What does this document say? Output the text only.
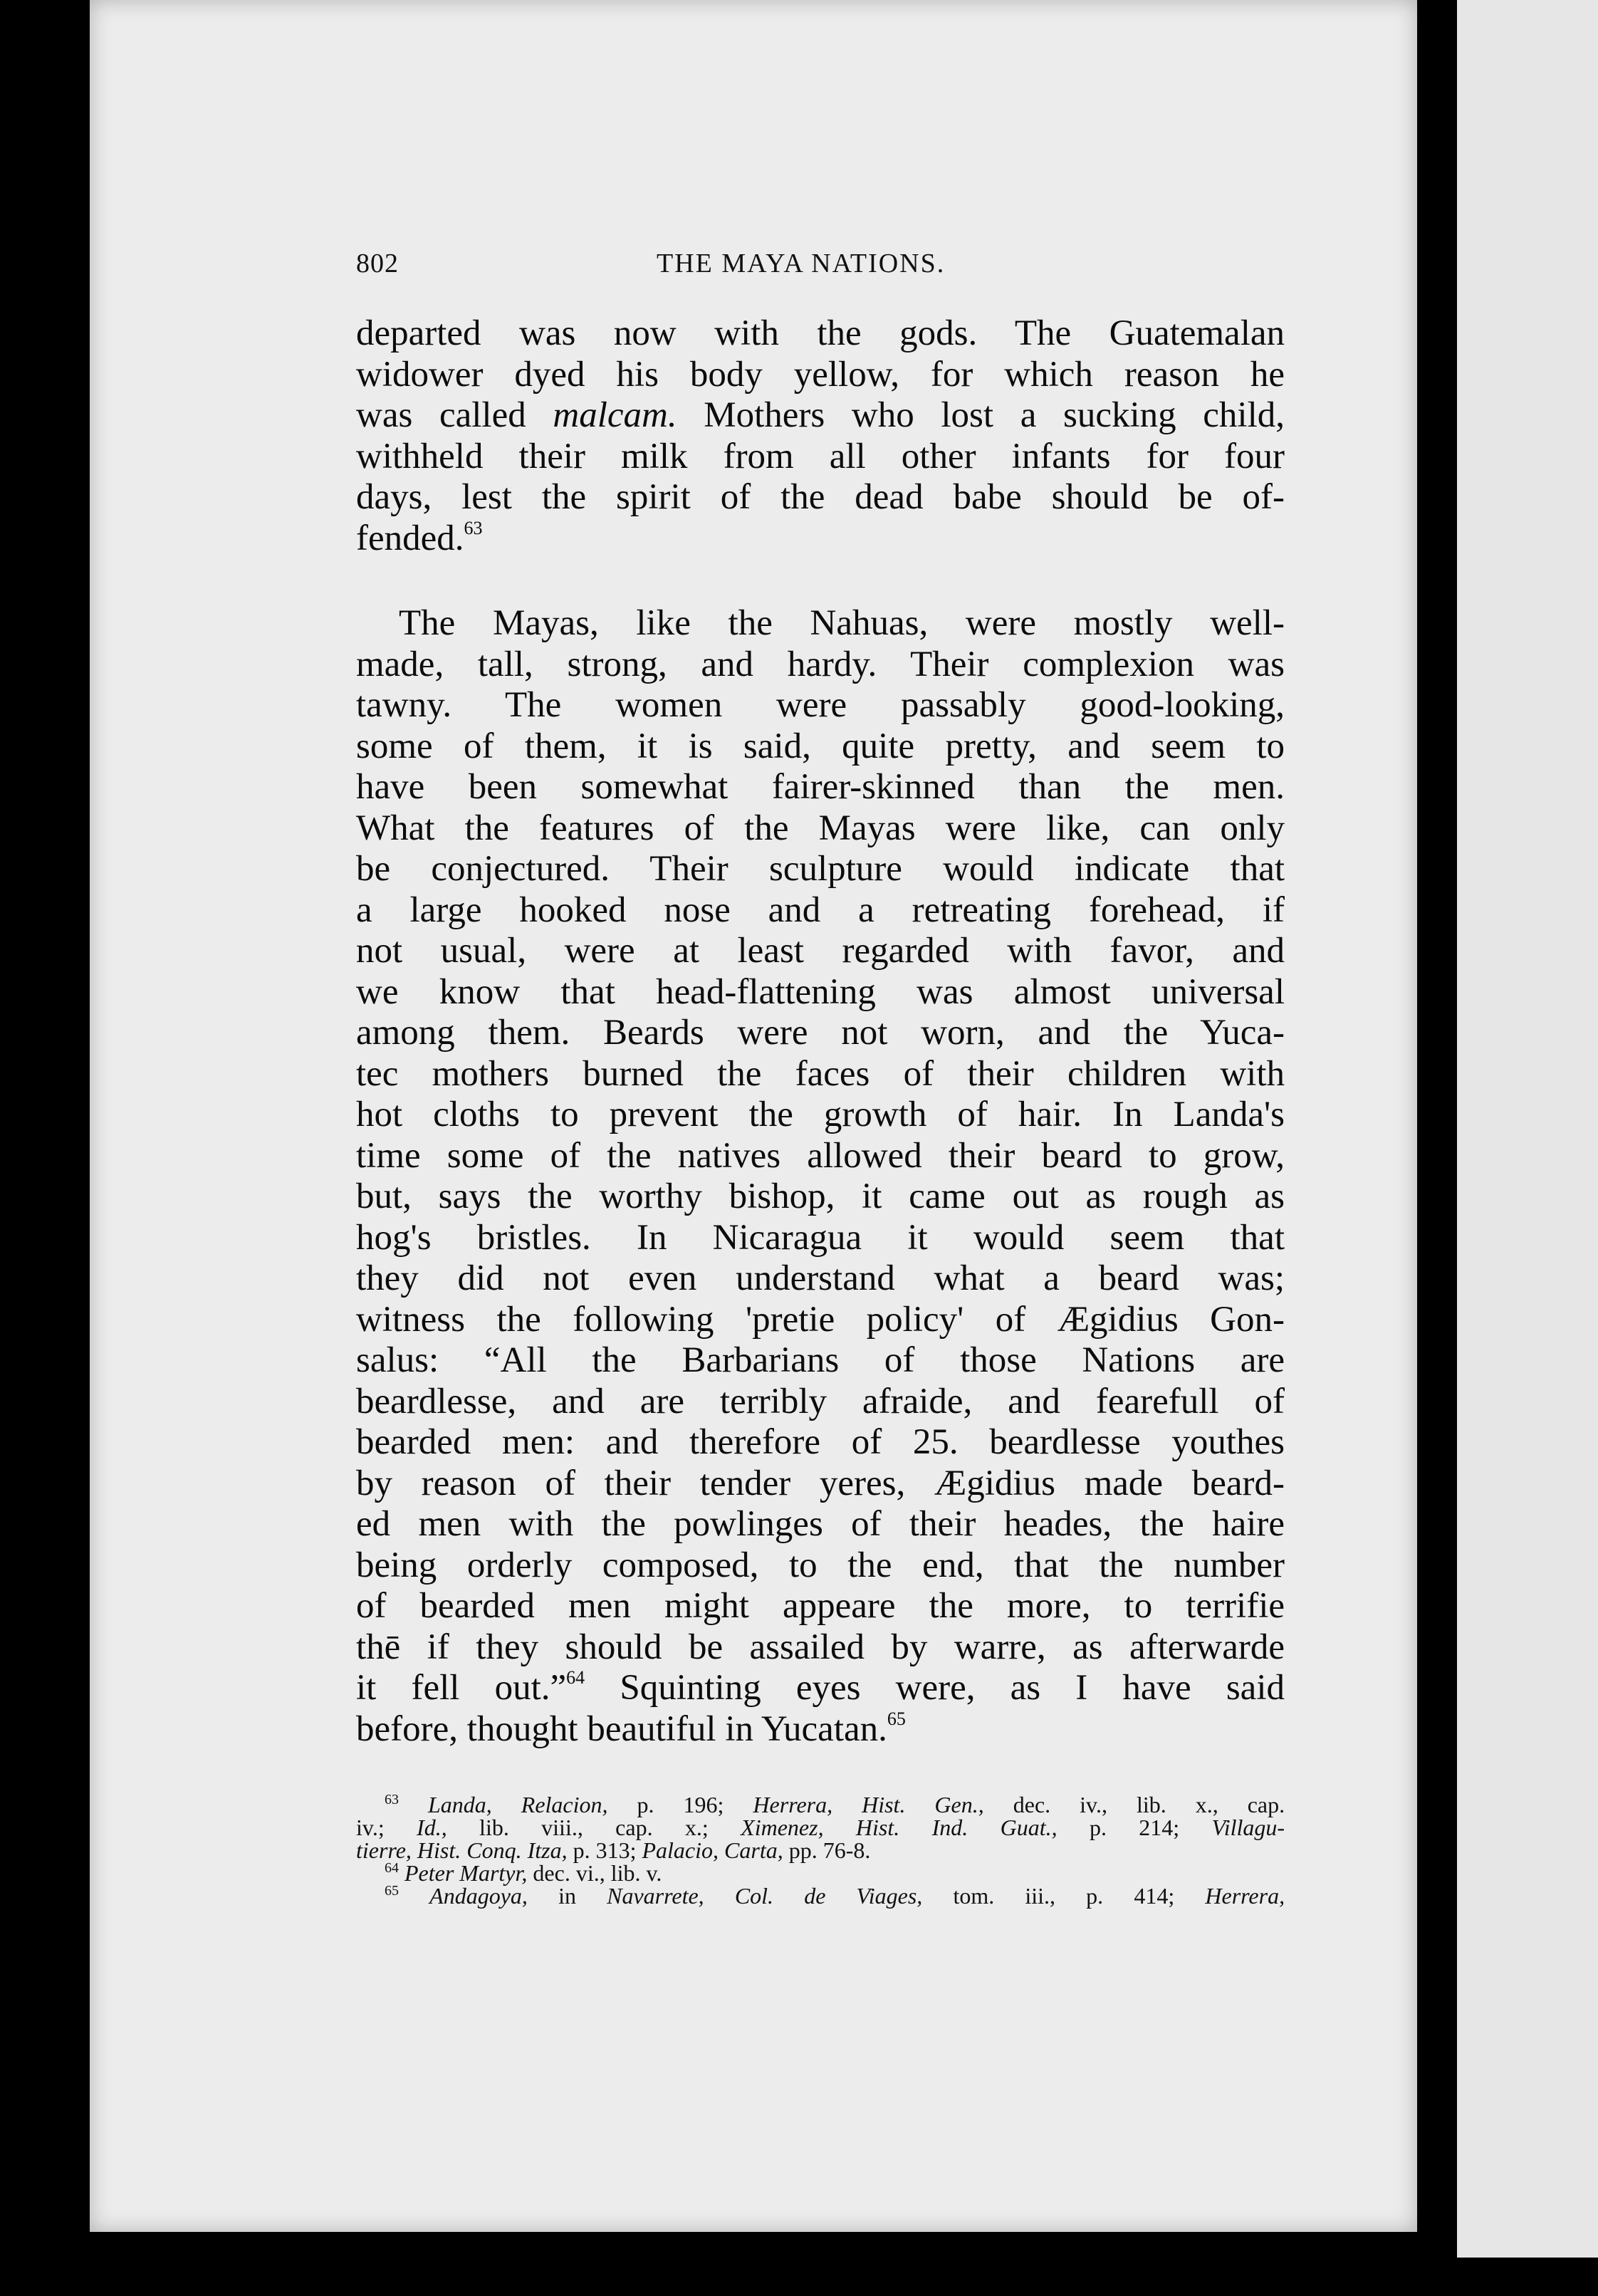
802	THE MAYA NATIONS.
departed was now with the gods. The Guatemalan
widower dyed his body yellow, for which reason he
was called malcam. Mothers who lost a sucking child,
withheld their milk from all other infants for four
days, lest the spirit of the dead babe should be of-
fended.$^{63}$
The Mayas, like the Nahuas, were mostly well-
made, tall, strong, and hardy. Their complexion was
tawny. The women were passably good-looking,
some of them, it is said, quite pretty, and seem to
have been somewhat fairer-skinned than the men.
What the features of the Mayas were like, can only
be conjectured. Their sculpture would indicate that
a large hooked nose and a retreating forehead, if
not usual, were at least regarded with favor, and
we know that head-flattening was almost universal
among them. Beards were not worn, and the Yuca-
tec mothers burned the faces of their children with
hot cloths to prevent the growth of hair. In Landa's
time some of the natives allowed their beard to grow,
but, says the worthy bishop, it came out as rough as
hog's bristles. In Nicaragua it would seem that
they did not even understand what a beard was;
witness the following 'pretie policy' of Ægidius Gon-
salus: “All the Barbarians of those Nations are
beardlesse, and are terribly afraide, and fearefull of
bearded men: and therefore of 25. beardlesse youthes
by reason of their tender yeres, Ægidius made beard-
ed men with the powlinges of their heades, the haire
being orderly composed, to the end, that the number
of bearded men might appeare the more, to terrifie
thē if they should be assailed by warre, as afterwarde
it fell out.”$^{64}$ Squinting eyes were, as I have said
before, thought beautiful in Yucatan.$^{65}$
$^{63}$ Landa, Relacion, p. 196; Herrera, Hist. Gen., dec. iv., lib. x., cap.
iv.; Id., lib. viii., cap. x.; Ximenez, Hist. Ind. Guat., p. 214; Villagu-
tierre, Hist. Conq. Itza, p. 313; Palacio, Carta, pp. 76-8.
$^{64}$ Peter Martyr, dec. vi., lib. v.
$^{65}$ Andagoya, in Navarrete, Col. de Viages, tom. iii., p. 414; Herrera,
